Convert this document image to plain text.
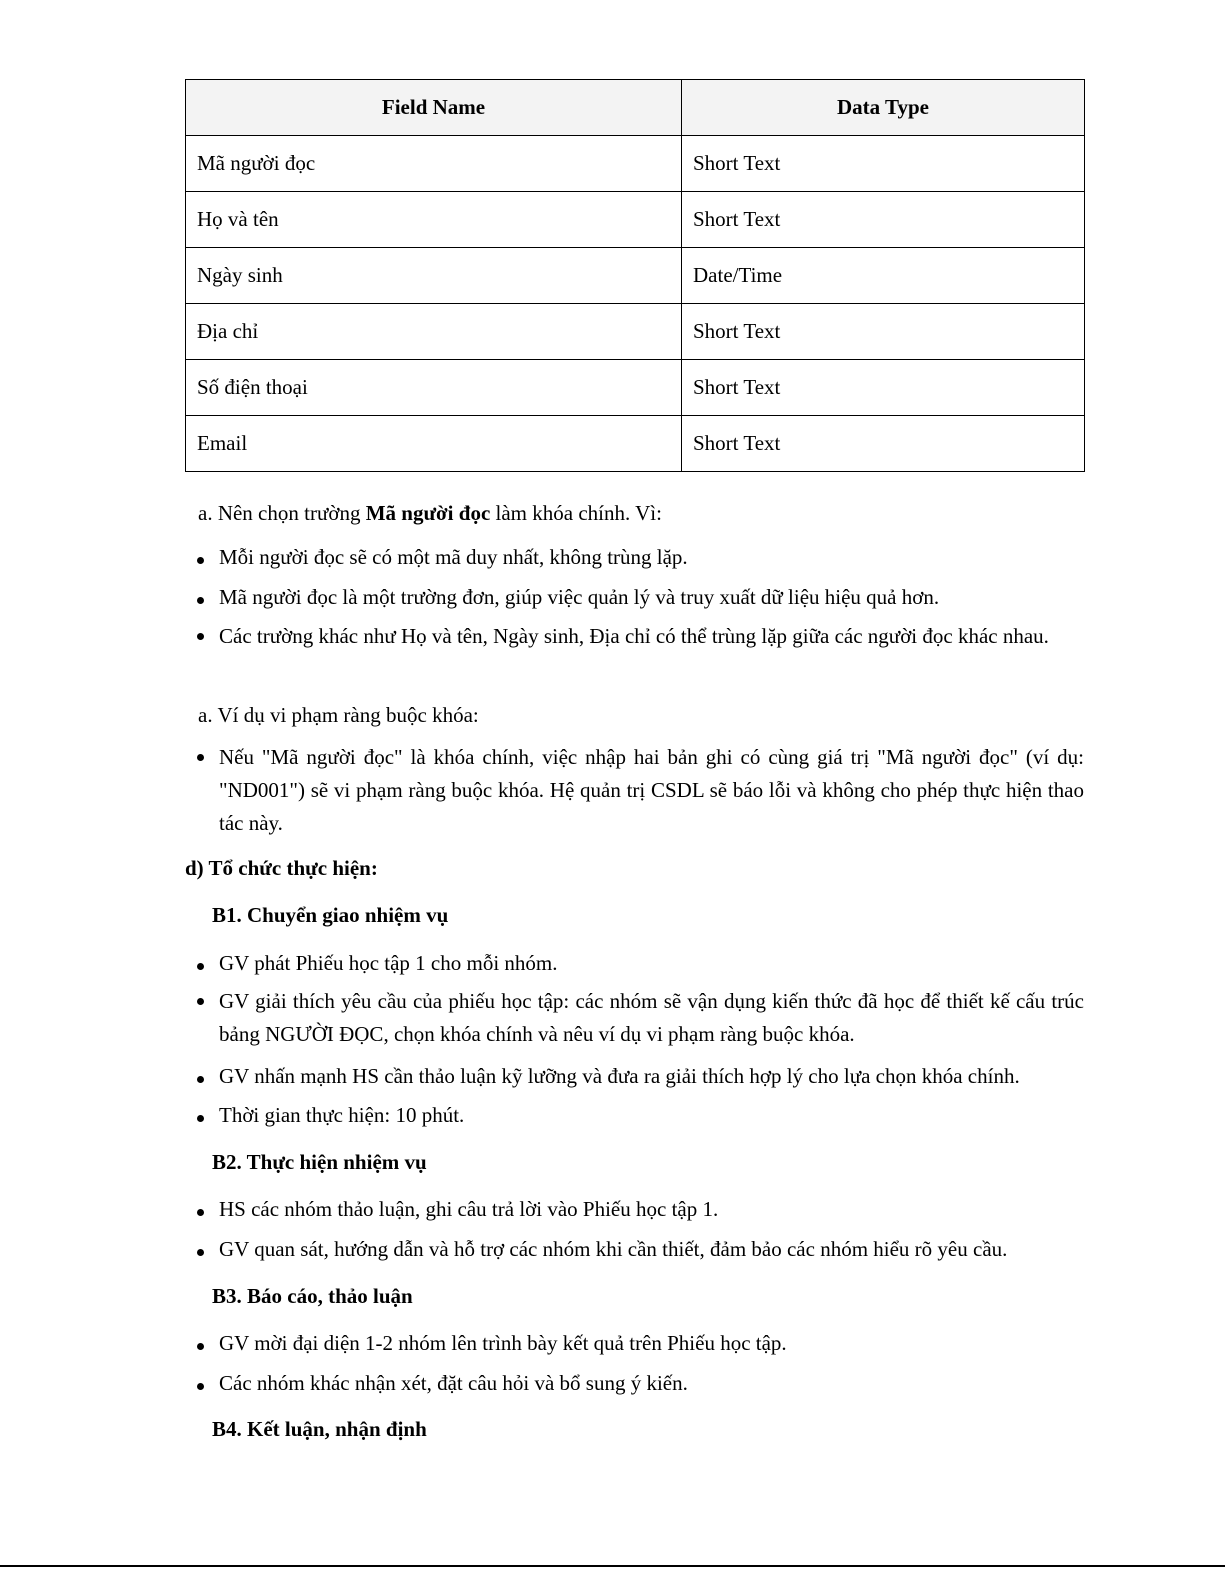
Field Name	Data Type
Mã người đọc	Short Text
Họ và tên	Short Text
Ngày sinh	Date/Time
Địa chỉ	Short Text
Số điện thoại	Short Text
Email	Short Text
a. Nên chọn trường Mã người đọc làm khóa chính. Vì:
Mỗi người đọc sẽ có một mã duy nhất, không trùng lặp.
Mã người đọc là một trường đơn, giúp việc quản lý và truy xuất dữ liệu hiệu quả hơn.
Các trường khác như Họ và tên, Ngày sinh, Địa chỉ có thể trùng lặp giữa các người đọc khác nhau.
a. Ví dụ vi phạm ràng buộc khóa:
Nếu "Mã người đọc" là khóa chính, việc nhập hai bản ghi có cùng giá trị "Mã người đọc" (ví dụ: "ND001") sẽ vi phạm ràng buộc khóa. Hệ quản trị CSDL sẽ báo lỗi và không cho phép thực hiện thao tác này.
d) Tổ chức thực hiện:
B1. Chuyển giao nhiệm vụ
GV phát Phiếu học tập 1 cho mỗi nhóm.
GV giải thích yêu cầu của phiếu học tập: các nhóm sẽ vận dụng kiến thức đã học để thiết kế cấu trúc bảng NGƯỜI ĐỌC, chọn khóa chính và nêu ví dụ vi phạm ràng buộc khóa.
GV nhấn mạnh HS cần thảo luận kỹ lưỡng và đưa ra giải thích hợp lý cho lựa chọn khóa chính.
Thời gian thực hiện: 10 phút.
B2. Thực hiện nhiệm vụ
HS các nhóm thảo luận, ghi câu trả lời vào Phiếu học tập 1.
GV quan sát, hướng dẫn và hỗ trợ các nhóm khi cần thiết, đảm bảo các nhóm hiểu rõ yêu cầu.
B3. Báo cáo, thảo luận
GV mời đại diện 1-2 nhóm lên trình bày kết quả trên Phiếu học tập.
Các nhóm khác nhận xét, đặt câu hỏi và bổ sung ý kiến.
B4. Kết luận, nhận định
